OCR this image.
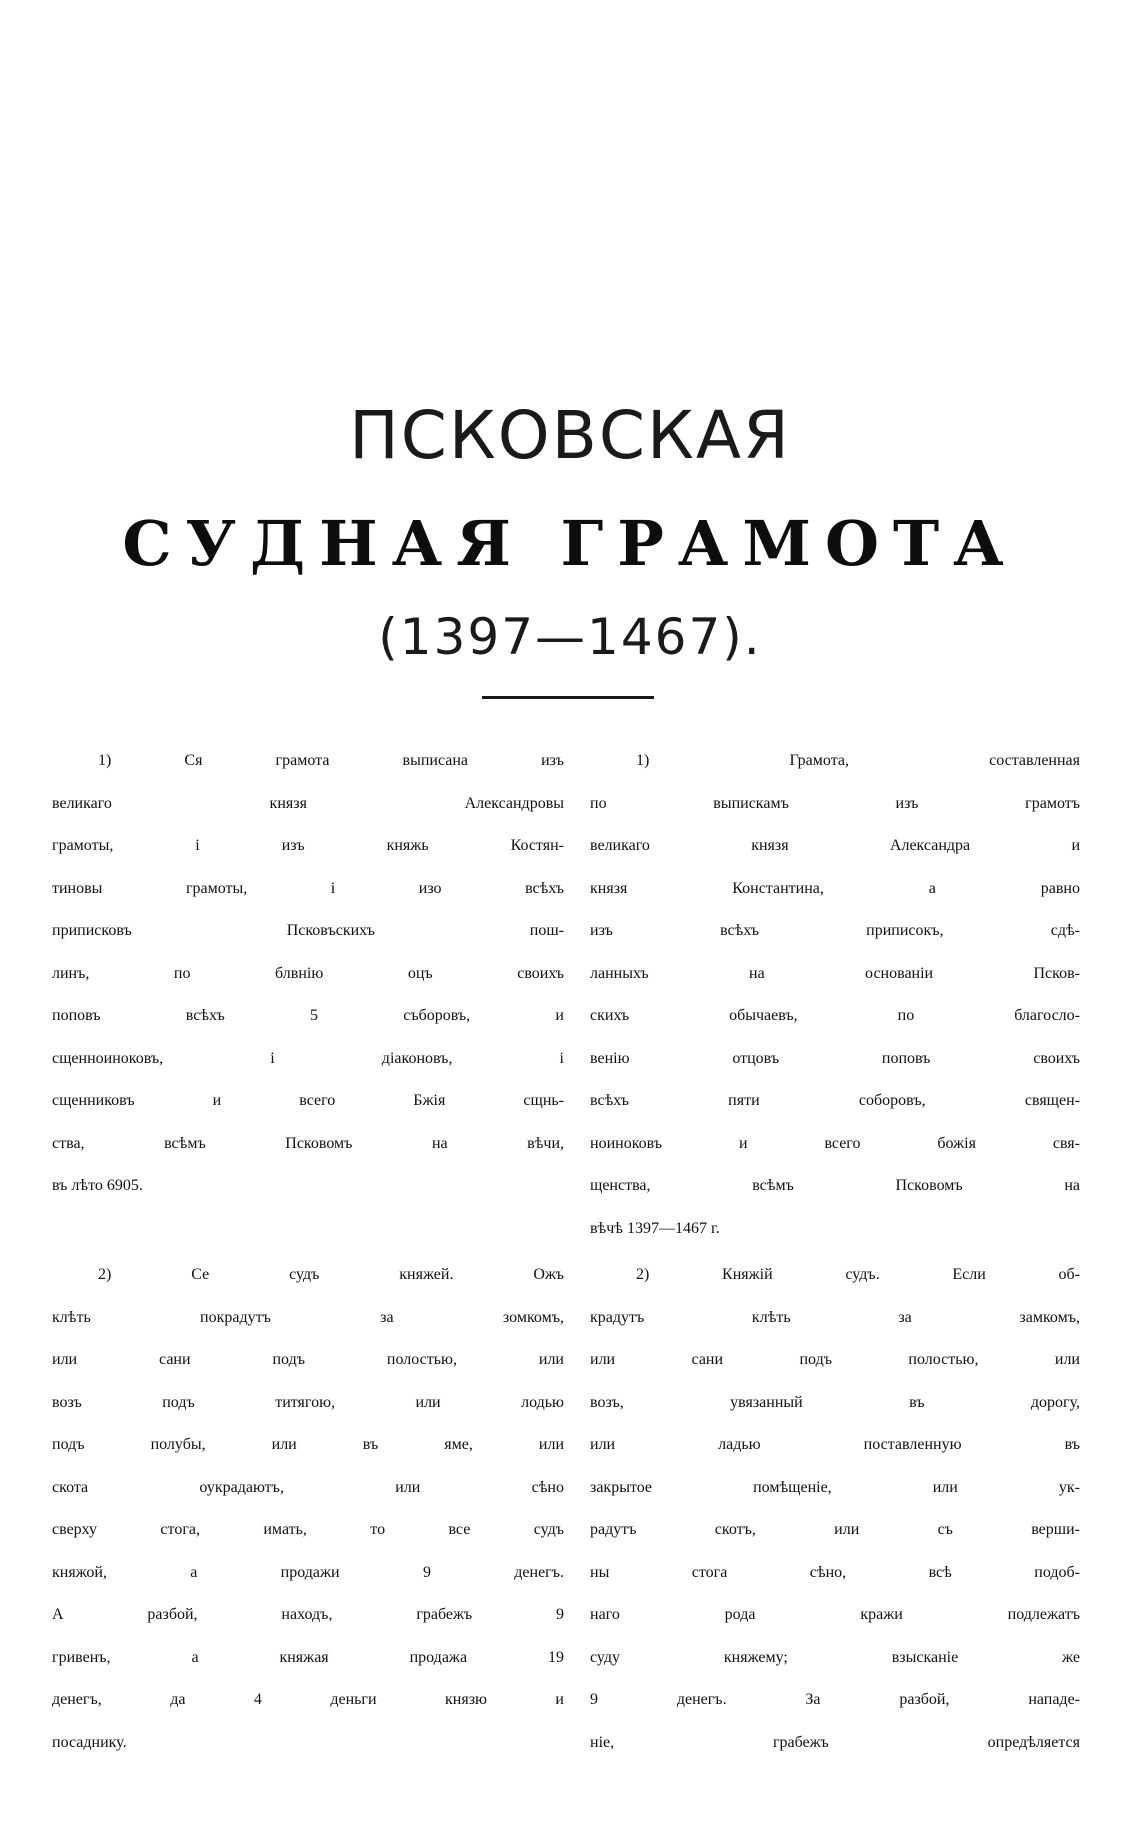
ПСКОВСКАЯ
СУДНАЯ ГРАМОТА
(1397—1467).
1) Ся грамота выписана изъ
великаго князя Александровы
грамоты, і изъ княжь Костян-
тиновы грамоты, і изо всѣхъ
приписковъ Псковъскихъ пош-
линъ, по блвнію оцъ своихъ
поповъ всѣхъ 5 съборовъ, и
сщенноиноковъ, і діаконовъ, і
сщенниковъ и всего Бжія сщнь-
ства, всѣмъ Псковомъ на вѣчи,
въ лѣто 6905.
2) Се судъ княжей. Ожъ
клѣть покрадутъ за зомкомъ,
или сани подъ полостью, или
возъ подъ титягою, или лодью
подъ полубы, или въ яме, или
скота оукрадаютъ, или сѣно
сверху стога, имать, то все судъ
княжой, а продажи 9 денегъ.
А разбой, находъ, грабежъ 9
гривенъ, а княжая продажа 19
денегъ, да 4 деньги князю и
посаднику.
1) Грамота, составленная
по выпискамъ изъ грамотъ
великаго князя Александра и
князя Константина, а равно
изъ всѣхъ приписокъ, сдѣ-
ланныхъ на основаніи Псков-
скихъ обычаевъ, по благосло-
венію отцовъ поповъ своихъ
всѣхъ пяти соборовъ, священ-
ноиноковъ и всего божія свя-
щенства, всѣмъ Псковомъ на
вѣчѣ 1397—1467 г.
2) Княжій судъ. Если об-
крадутъ клѣть за замкомъ,
или сани подъ полостью, или
возъ, увязанный въ дорогу,
или ладью поставленную въ
закрытое помѣщеніе, или ук-
радутъ скотъ, или съ верши-
ны стога сѣно, всѣ подоб-
наго рода кражи подлежатъ
суду княжему; взысканіе же
9 денегъ. За разбой, нападе-
ніе, грабежъ опредѣляется
